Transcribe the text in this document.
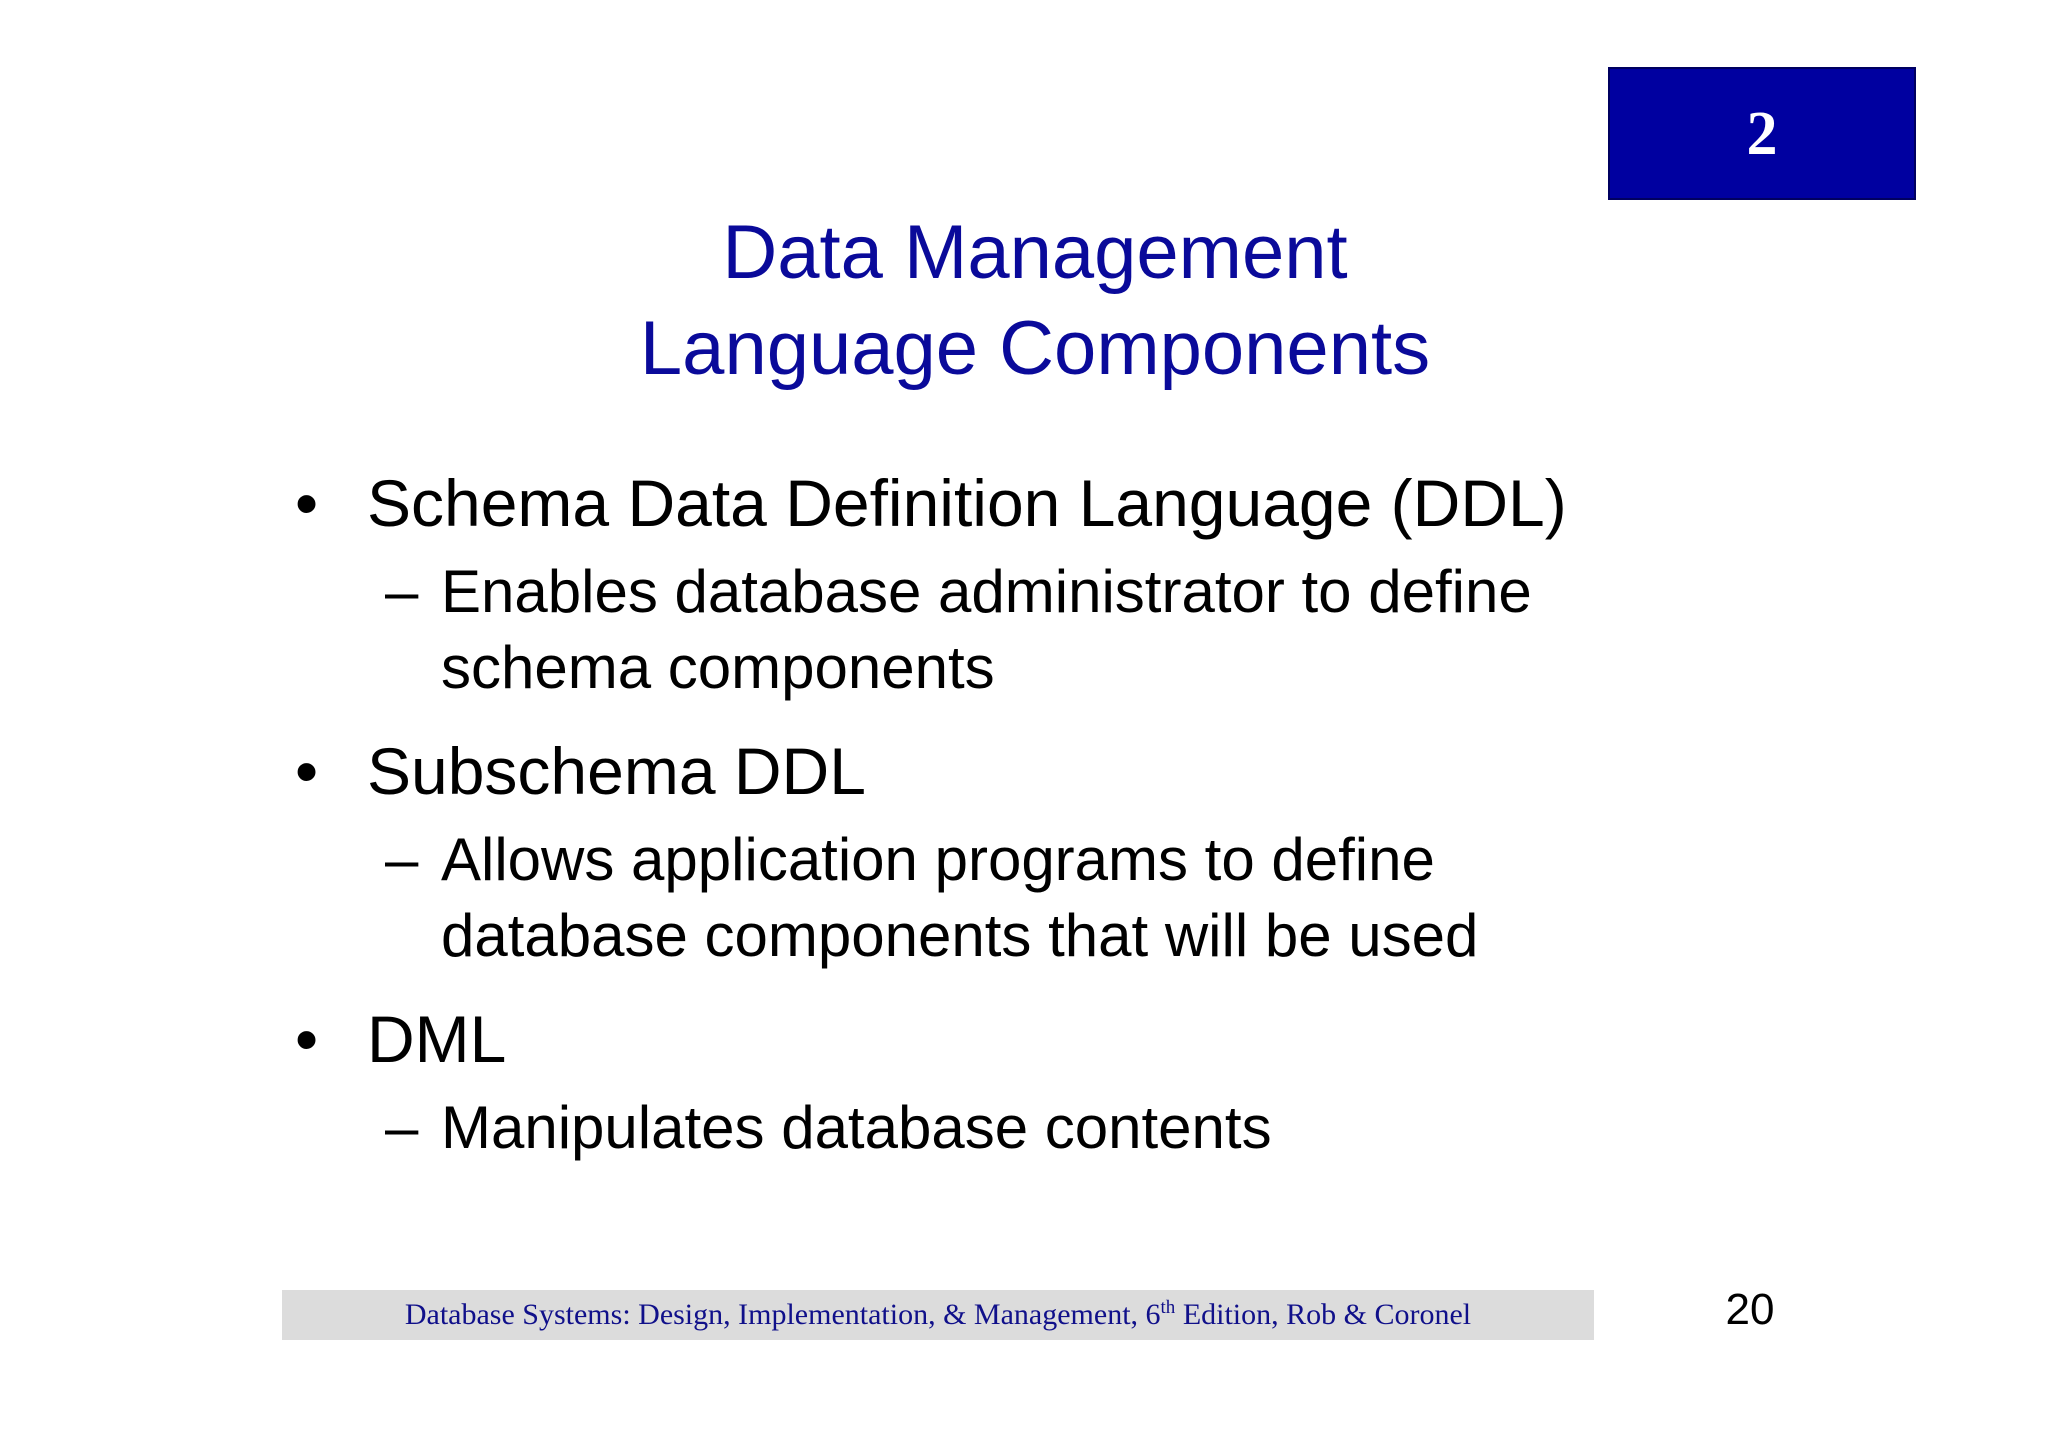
2
Data Management
Language Components
• Schema Data Definition Language (DDL)
– Enables database administrator to define schema components
• Subschema DDL
– Allows application programs to define database components that will be used
• DML
– Manipulates database contents
Database Systems: Design, Implementation, & Management, 6th Edition, Rob & Coronel	20
